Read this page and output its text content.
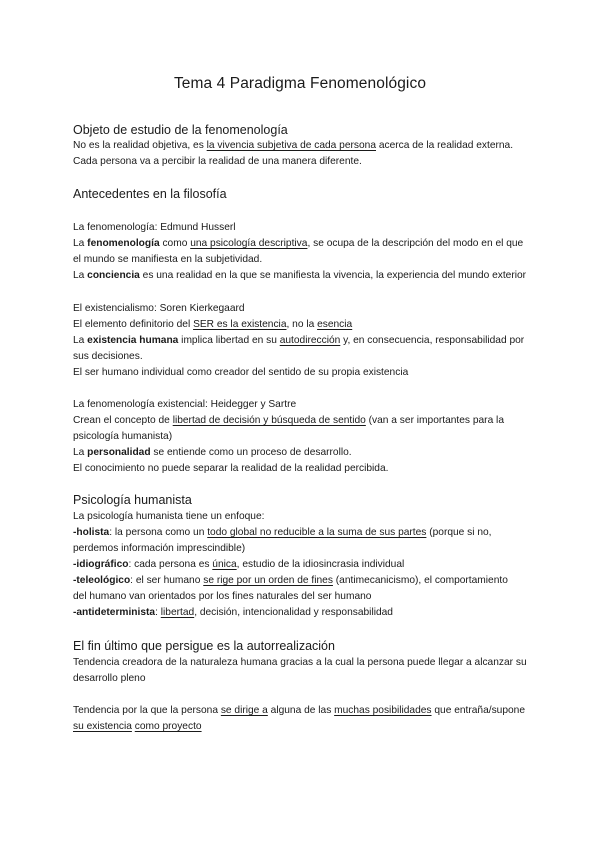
Tema 4 Paradigma Fenomenológico
Objeto de estudio de la fenomenología
No es la realidad objetiva, es la vivencia subjetiva de cada persona acerca de la realidad externa.
Cada persona va a percibir la realidad de una manera diferente.
Antecedentes en la filosofía
La fenomenología: Edmund Husserl
La fenomenología como una psicología descriptiva, se ocupa de la descripción del modo en el que
el mundo se manifiesta en la subjetividad.
La conciencia es una realidad en la que se manifiesta la vivencia, la experiencia del mundo exterior
El existencialismo: Soren Kierkegaard
El elemento definitorio del SER es la existencia, no la esencia
La existencia humana implica libertad en su autodirección y, en consecuencia, responsabilidad por
sus decisiones.
El ser humano individual como creador del sentido de su propia existencia
La fenomenología existencial: Heidegger y Sartre
Crean el concepto de libertad de decisión y búsqueda de sentido (van a ser importantes para la
psicología humanista)
La personalidad se entiende como un proceso de desarrollo.
El conocimiento no puede separar la realidad de la realidad percibida.
Psicología humanista
La psicología humanista tiene un enfoque:
-holista: la persona como un todo global no reducible a la suma de sus partes (porque si no,
perdemos información imprescindible)
-idiográfico: cada persona es única, estudio de la idiosincrasia individual
-teleológico: el ser humano se rige por un orden de fines (antimecanicismo), el comportamiento
del humano van orientados por los fines naturales del ser humano
-antideterminista: libertad, decisión, intencionalidad y responsabilidad
El fin último que persigue es la autorrealización
Tendencia creadora de la naturaleza humana gracias a la cual la persona puede llegar a alcanzar su
desarrollo pleno
Tendencia por la que la persona se dirige a alguna de las muchas posibilidades que entraña/supone
su existencia como proyecto
